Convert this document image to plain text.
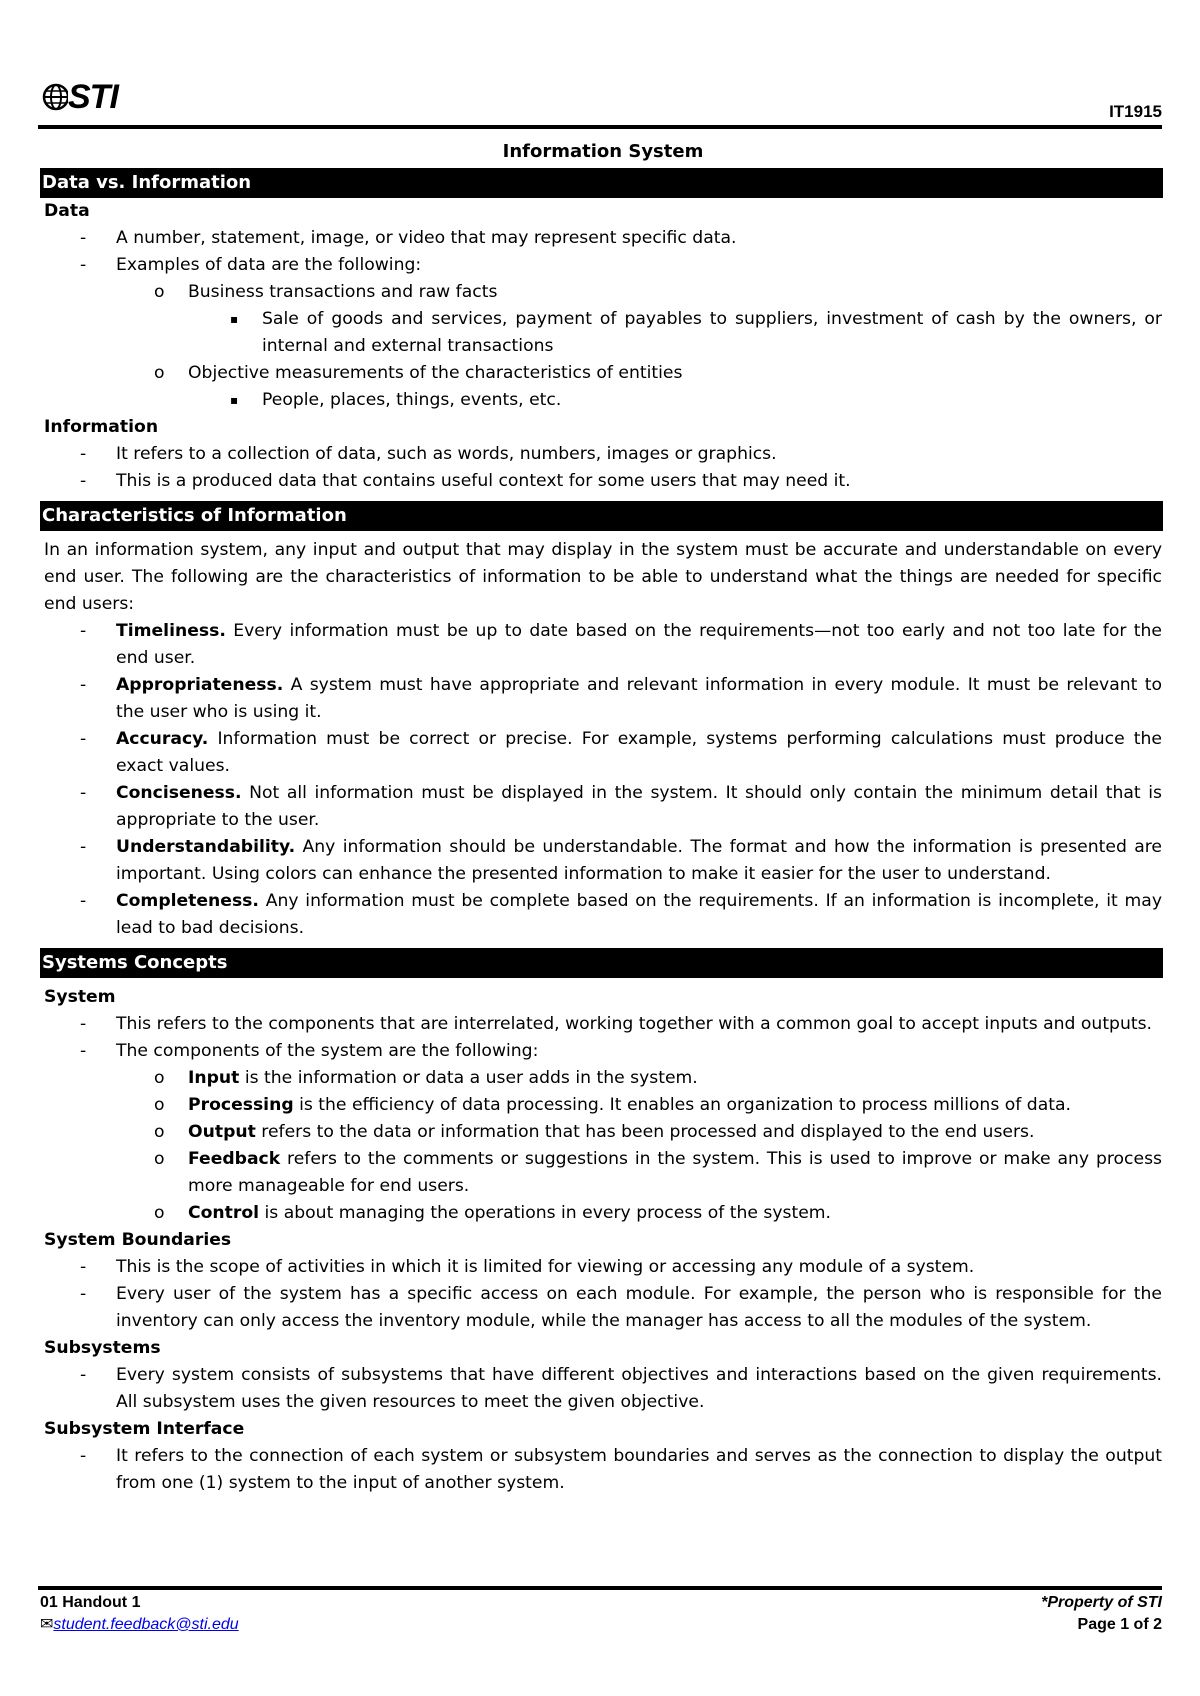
STI	IT1915
Information System
Data vs. Information
Data
- A number, statement, image, or video that may represent specific data.
- Examples of data are the following:
o Business transactions and raw facts
▪ Sale of goods and services, payment of payables to suppliers, investment of cash by the owners, or internal and external transactions
o Objective measurements of the characteristics of entities
▪ People, places, things, events, etc.
Information
- It refers to a collection of data, such as words, numbers, images or graphics.
- This is a produced data that contains useful context for some users that may need it.
Characteristics of Information
In an information system, any input and output that may display in the system must be accurate and understandable on every end user. The following are the characteristics of information to be able to understand what the things are needed for specific end users:
- Timeliness. Every information must be up to date based on the requirements—not too early and not too late for the end user.
- Appropriateness. A system must have appropriate and relevant information in every module. It must be relevant to the user who is using it.
- Accuracy. Information must be correct or precise. For example, systems performing calculations must produce the exact values.
- Conciseness. Not all information must be displayed in the system. It should only contain the minimum detail that is appropriate to the user.
- Understandability. Any information should be understandable. The format and how the information is presented are important. Using colors can enhance the presented information to make it easier for the user to understand.
- Completeness. Any information must be complete based on the requirements. If an information is incomplete, it may lead to bad decisions.
Systems Concepts
System
- This refers to the components that are interrelated, working together with a common goal to accept inputs and outputs.
- The components of the system are the following:
o Input is the information or data a user adds in the system.
o Processing is the efficiency of data processing. It enables an organization to process millions of data.
o Output refers to the data or information that has been processed and displayed to the end users.
o Feedback refers to the comments or suggestions in the system. This is used to improve or make any process more manageable for end users.
o Control is about managing the operations in every process of the system.
System Boundaries
- This is the scope of activities in which it is limited for viewing or accessing any module of a system.
- Every user of the system has a specific access on each module. For example, the person who is responsible for the inventory can only access the inventory module, while the manager has access to all the modules of the system.
Subsystems
- Every system consists of subsystems that have different objectives and interactions based on the given requirements. All subsystem uses the given resources to meet the given objective.
Subsystem Interface
- It refers to the connection of each system or subsystem boundaries and serves as the connection to display the output from one (1) system to the input of another system.
01 Handout 1
✉student.feedback@sti.edu
*Property of STI
Page 1 of 2
